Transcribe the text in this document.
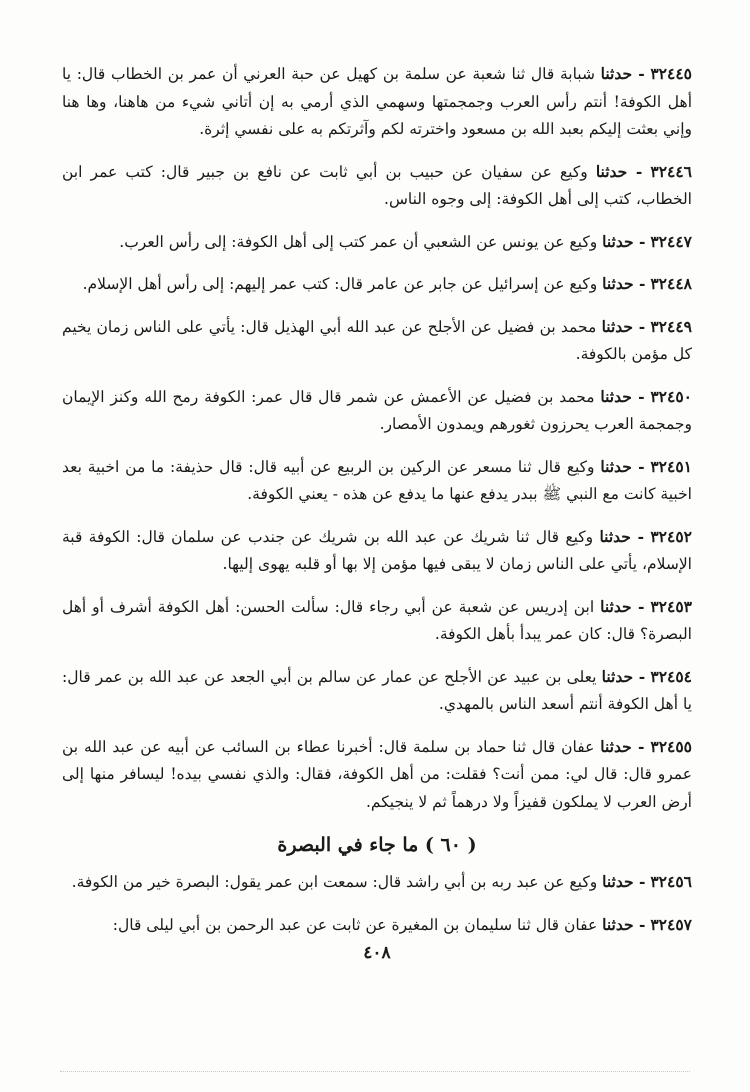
٣٢٤٤٥ - حدثنا شبابة قال ثنا شعبة عن سلمة بن كهيل عن حبة العرني أن عمر بن الخطاب قال: يا أهل الكوفة! أنتم رأس العرب وجمجمتها وسهمي الذي أرمي به إن أتاني شيء من هاهنا، وها هنا وإني بعثت إليكم بعبد الله بن مسعود واخترته لكم وآثرتكم به على نفسي إثرة.
٣٢٤٤٦ - حدثنا وكيع عن سفيان عن حبيب بن أبي ثابت عن نافع بن جبير قال: كتب عمر ابن الخطاب، كتب إلى أهل الكوفة: إلى وجوه الناس.
٣٢٤٤٧ - حدثنا وكيع عن يونس عن الشعبي أن عمر كتب إلى أهل الكوفة: إلى رأس العرب.
٣٢٤٤٨ - حدثنا وكيع عن إسرائيل عن جابر عن عامر قال: كتب عمر إليهم: إلى رأس أهل الإسلام.
٣٢٤٤٩ - حدثنا محمد بن فضيل عن الأجلح عن عبد الله أبي الهذيل قال: يأتي على الناس زمان يخيم كل مؤمن بالكوفة.
٣٢٤٥٠ - حدثنا محمد بن فضيل عن الأعمش عن شمر قال قال عمر: الكوفة رمح الله وكنز الإيمان وجمجمة العرب يحرزون ثغورهم ويمدون الأمصار.
٣٢٤٥١ - حدثنا وكيع قال ثنا مسعر عن الركين بن الربيع عن أبيه قال: قال حذيفة: ما من اخبية بعد اخبية كانت مع النبي ﷺ ببدر يدفع عنها ما يدفع عن هذه - يعني الكوفة.
٣٢٤٥٢ - حدثنا وكيع قال ثنا شريك عن عبد الله بن شريك عن جندب عن سلمان قال: الكوفة قبة الإسلام، يأتي على الناس زمان لا يبقى فيها مؤمن إلا بها أو قلبه يهوى إليها.
٣٢٤٥٣ - حدثنا ابن إدريس عن شعبة عن أبي رجاء قال: سألت الحسن: أهل الكوفة أشرف أو أهل البصرة؟ قال: كان عمر يبدأ بأهل الكوفة.
٣٢٤٥٤ - حدثنا يعلى بن عبيد عن الأجلح عن عمار عن سالم بن أبي الجعد عن عبد الله بن عمر قال: يا أهل الكوفة أنتم أسعد الناس بالمهدي.
٣٢٤٥٥ - حدثنا عفان قال ثنا حماد بن سلمة قال: أخبرنا عطاء بن السائب عن أبيه عن عبد الله بن عمرو قال: قال لي: ممن أنت؟ فقلت: من أهل الكوفة، فقال: والذي نفسي بيده! ليسافر منها إلى أرض العرب لا يملكون قفيزاً ولا درهماً ثم لا ينجيكم.
( ٦٠ ) ما جاء في البصرة
٣٢٤٥٦ - حدثنا وكيع عن عبد ربه بن أبي راشد قال: سمعت ابن عمر يقول: البصرة خير من الكوفة.
٣٢٤٥٧ - حدثنا عفان قال ثنا سليمان بن المغيرة عن ثابت عن عبد الرحمن بن أبي ليلى قال:
٤٠٨
